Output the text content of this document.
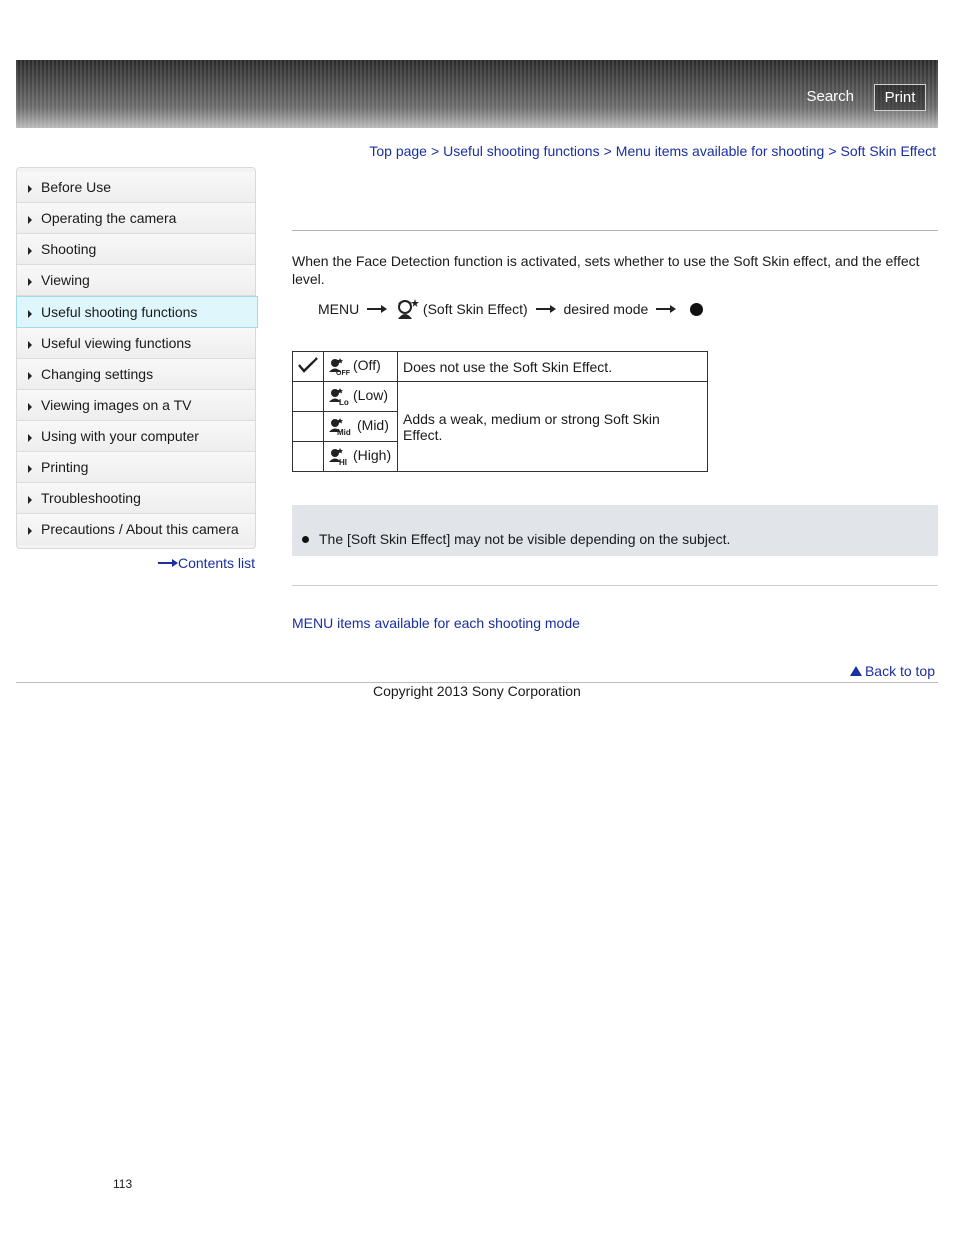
Search	Print
Top page > Useful shooting functions > Menu items available for shooting > Soft Skin Effect
Before Use
Operating the camera
Shooting
Viewing
Useful shooting functions
Useful viewing functions
Changing settings
Viewing images on a TV
Using with your computer
Printing
Troubleshooting
Precautions / About this camera
Contents list
When the Face Detection function is activated, sets whether to use the Soft Skin effect, and the effect level.
MENU	(Soft Skin Effect)	desired mode

OFF (Off)	Does not use the Soft Skin Effect.

Lo (Low)	Adds a weak, medium or strong Soft Skin Effect.

Mid (Mid)	

HI (High)	
The [Soft Skin Effect] may not be visible depending on the subject.
MENU items available for each shooting mode
Back to top
Copyright 2013 Sony Corporation
113
